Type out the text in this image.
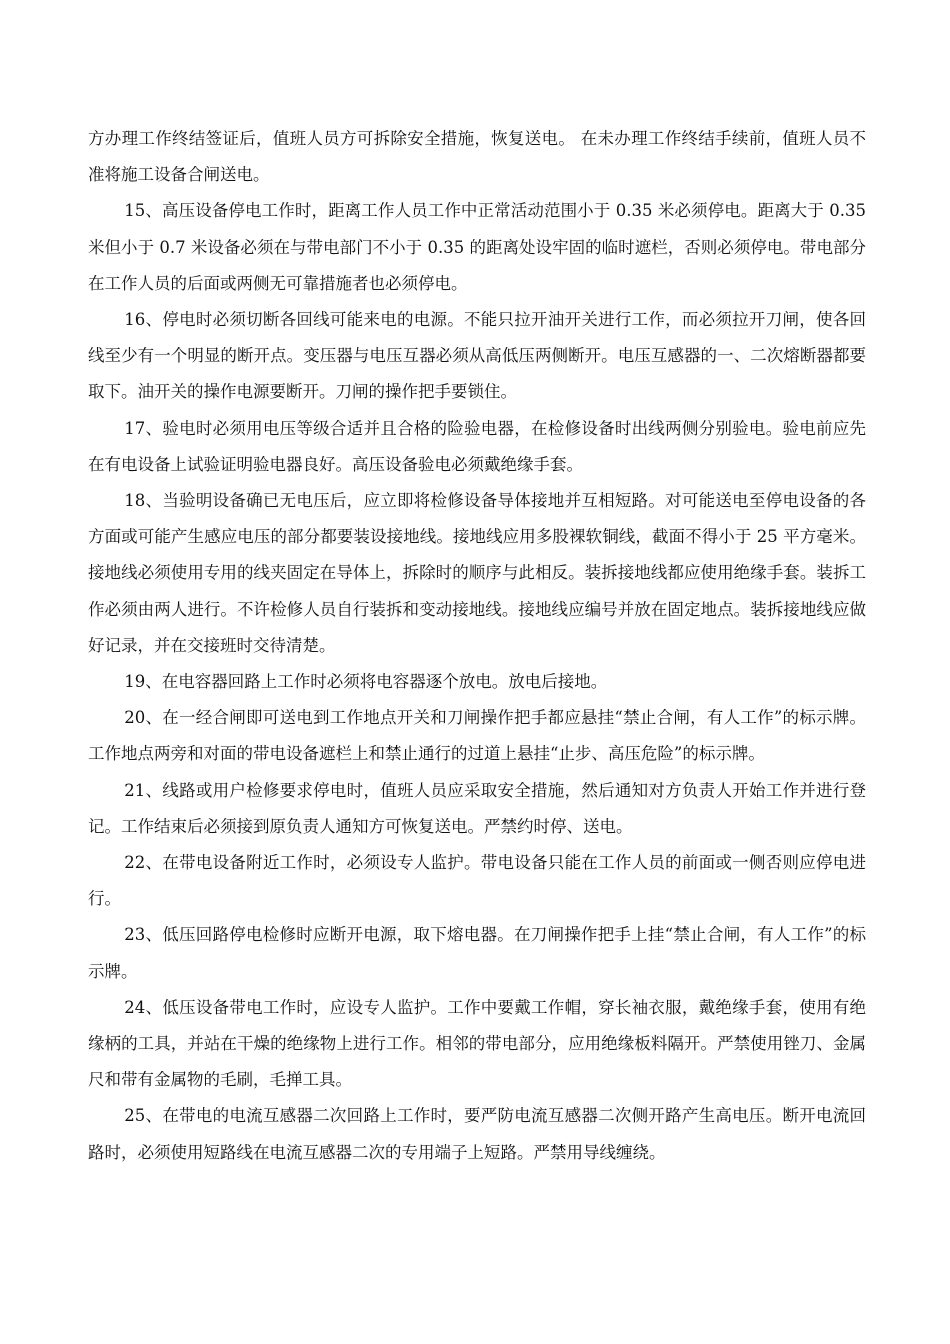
方办理工作终结签证后，值班人员方可拆除安全措施，恢复送电。 在未办理工作终结手续前，值班人员不准将施工设备合闸送电。

15、高压设备停电工作时，距离工作人员工作中正常活动范围小于 0.35 米必须停电。距离大于 0.35 米但小于 0.7 米设备必须在与带电部门不小于 0.35 的距离处设牢固的临时遮栏，否则必须停电。带电部分在工作人员的后面或两侧无可靠措施者也必须停电。

16、停电时必须切断各回线可能来电的电源。不能只拉开油开关进行工作，而必须拉开刀闸，使各回线至少有一个明显的断开点。变压器与电压互器必须从高低压两侧断开。电压互感器的一、二次熔断器都要取下。油开关的操作电源要断开。刀闸的操作把手要锁住。

17、验电时必须用电压等级合适并且合格的险验电器，在检修设备时出线两侧分别验电。验电前应先在有电设备上试验证明验电器良好。高压设备验电必须戴绝缘手套。

18、当验明设备确已无电压后，应立即将检修设备导体接地并互相短路。对可能送电至停电设备的各方面或可能产生感应电压的部分都要装设接地线。接地线应用多股裸软铜线，截面不得小于 25 平方毫米。接地线必须使用专用的线夹固定在导体上，拆除时的顺序与此相反。装拆接地线都应使用绝缘手套。装拆工作必须由两人进行。不许检修人员自行装拆和变动接地线。接地线应编号并放在固定地点。装拆接地线应做好记录，并在交接班时交待清楚。

19、在电容器回路上工作时必须将电容器逐个放电。放电后接地。

20、在一经合闸即可送电到工作地点开关和刀闸操作把手都应悬挂“禁止合闸，有人工作”的标示牌。工作地点两旁和对面的带电设备遮栏上和禁止通行的过道上悬挂“止步、高压危险”的标示牌。

21、线路或用户检修要求停电时，值班人员应采取安全措施，然后通知对方负责人开始工作并进行登记。工作结束后必须接到原负责人通知方可恢复送电。严禁约时停、送电。

22、在带电设备附近工作时，必须设专人监护。带电设备只能在工作人员的前面或一侧否则应停电进行。

23、低压回路停电检修时应断开电源，取下熔电器。在刀闸操作把手上挂“禁止合闸，有人工作”的标示牌。

24、低压设备带电工作时，应设专人监护。工作中要戴工作帽，穿长袖衣服，戴绝缘手套，使用有绝缘柄的工具，并站在干燥的绝缘物上进行工作。相邻的带电部分，应用绝缘板料隔开。严禁使用锉刀、金属尺和带有金属物的毛刷，毛掸工具。

25、在带电的电流互感器二次回路上工作时，要严防电流互感器二次侧开路产生高电压。断开电流回路时，必须使用短路线在电流互感器二次的专用端子上短路。严禁用导线缠绕。
